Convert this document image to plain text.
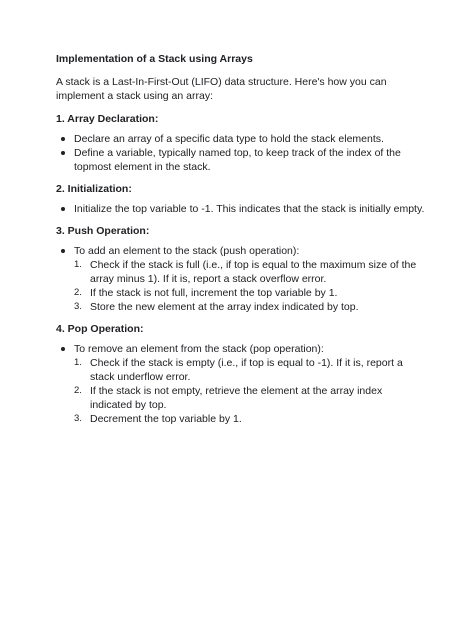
Implementation of a Stack using Arrays
A stack is a Last-In-First-Out (LIFO) data structure. Here's how you can implement a stack using an array:
1. Array Declaration:
Declare an array of a specific data type to hold the stack elements.
Define a variable, typically named top, to keep track of the index of the topmost element in the stack.
2. Initialization:
Initialize the top variable to -1. This indicates that the stack is initially empty.
3. Push Operation:
To add an element to the stack (push operation):
1. Check if the stack is full (i.e., if top is equal to the maximum size of the array minus 1). If it is, report a stack overflow error.
2. If the stack is not full, increment the top variable by 1.
3. Store the new element at the array index indicated by top.
4. Pop Operation:
To remove an element from the stack (pop operation):
1. Check if the stack is empty (i.e., if top is equal to -1). If it is, report a stack underflow error.
2. If the stack is not empty, retrieve the element at the array index indicated by top.
3. Decrement the top variable by 1.
